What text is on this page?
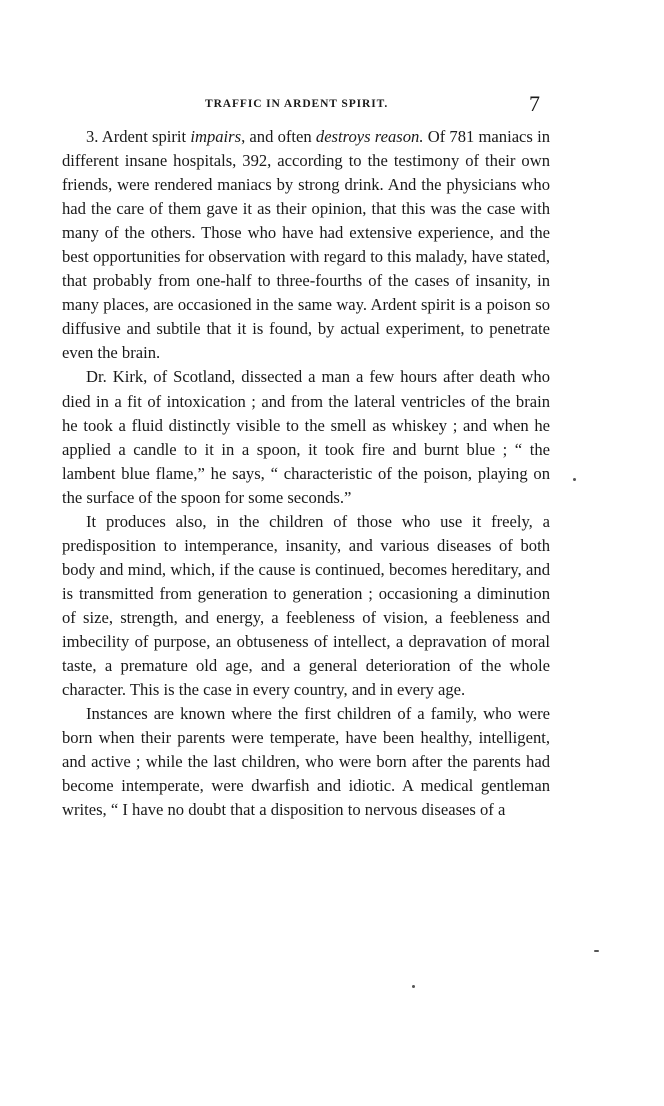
TRAFFIC IN ARDENT SPIRIT.	7

3. Ardent spirit impairs, and often destroys reason. Of 781 maniacs in different insane hospitals, 392, according to the testimony of their own friends, were rendered maniacs by strong drink. And the physicians who had the care of them gave it as their opinion, that this was the case with many of the others. Those who have had extensive experience, and the best opportunities for observation with regard to this malady, have stated, that probably from one-half to three-fourths of the cases of insanity, in many places, are occasioned in the same way. Ardent spirit is a poison so diffusive and subtile that it is found, by actual experiment, to penetrate even the brain.

Dr. Kirk, of Scotland, dissected a man a few hours after death who died in a fit of intoxication ; and from the lateral ventricles of the brain he took a fluid distinctly visible to the smell as whiskey ; and when he applied a candle to it in a spoon, it took fire and burnt blue ; “ the lambent blue flame,” he says, “ characteristic of the poison, playing on the surface of the spoon for some seconds.”

It produces also, in the children of those who use it freely, a predisposition to intemperance, insanity, and various diseases of both body and mind, which, if the cause is continued, becomes hereditary, and is transmitted from generation to generation ; occasioning a diminution of size, strength, and energy, a feebleness of vision, a feebleness and imbecility of purpose, an obtuseness of intellect, a depravation of moral taste, a premature old age, and a general deterioration of the whole character. This is the case in every country, and in every age.

Instances are known where the first children of a family, who were born when their parents were temperate, have been healthy, intelligent, and active ; while the last children, who were born after the parents had become intemperate, were dwarfish and idiotic. A medical gentleman writes, “ I have no doubt that a disposition to nervous diseases of a
